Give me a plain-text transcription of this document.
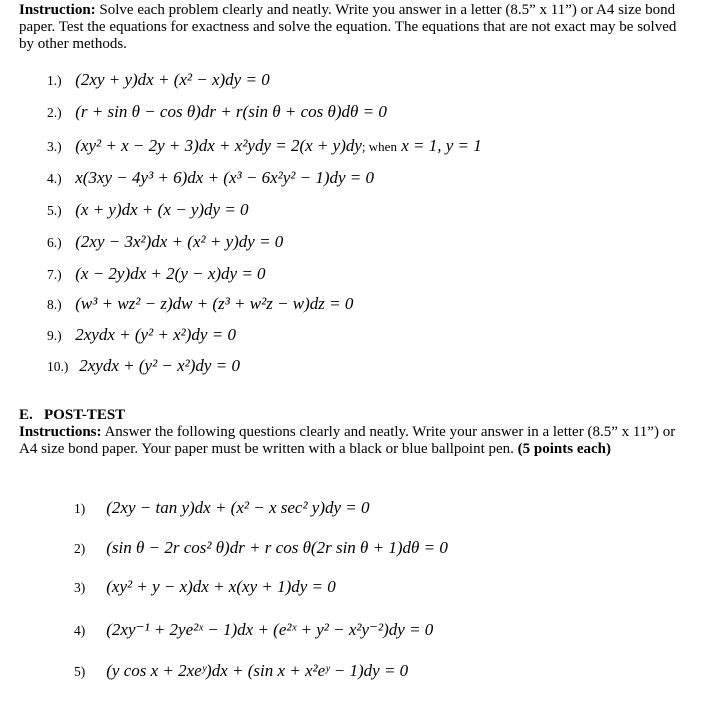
Instruction: Solve each problem clearly and neatly. Write you answer in a letter (8.5” x 11”) or A4 size bond paper. Test the equations for exactness and solve the equation. The equations that are not exact may be solved by other methods.
1.) (2xy + y)dx + (x² − x)dy = 0
2.) (r + sin θ − cos θ)dr + r(sin θ + cos θ)dθ = 0
3.) (xy² + x − 2y + 3)dx + x²ydy = 2(x + y)dy; when x = 1, y = 1
4.) x(3xy − 4y³ + 6)dx + (x³ − 6x²y² − 1)dy = 0
5.) (x + y)dx + (x − y)dy = 0
6.) (2xy − 3x²)dx + (x² + y)dy = 0
7.) (x − 2y)dx + 2(y − x)dy = 0
8.) (w³ + wz² − z)dw + (z³ + w²z − w)dz = 0
9.) 2xydx + (y² + x²)dy = 0
10.) 2xydx + (y² − x²)dy = 0
E. POST-TEST
Instructions: Answer the following questions clearly and neatly. Write your answer in a letter (8.5” x 11”) or A4 size bond paper. Your paper must be written with a black or blue ballpoint pen. (5 points each)
1) (2xy − tan y)dx + (x² − x sec² y)dy = 0
2) (sin θ − 2r cos² θ)dr + r cos θ(2r sin θ + 1)dθ = 0
3) (xy² + y − x)dx + x(xy + 1)dy = 0
4) (2xy⁻¹ + 2ye²ˣ − 1)dx + (e²ˣ + y² − x²y⁻²)dy = 0
5) (y cos x + 2xeʸ)dx + (sin x + x²eʸ − 1)dy = 0
